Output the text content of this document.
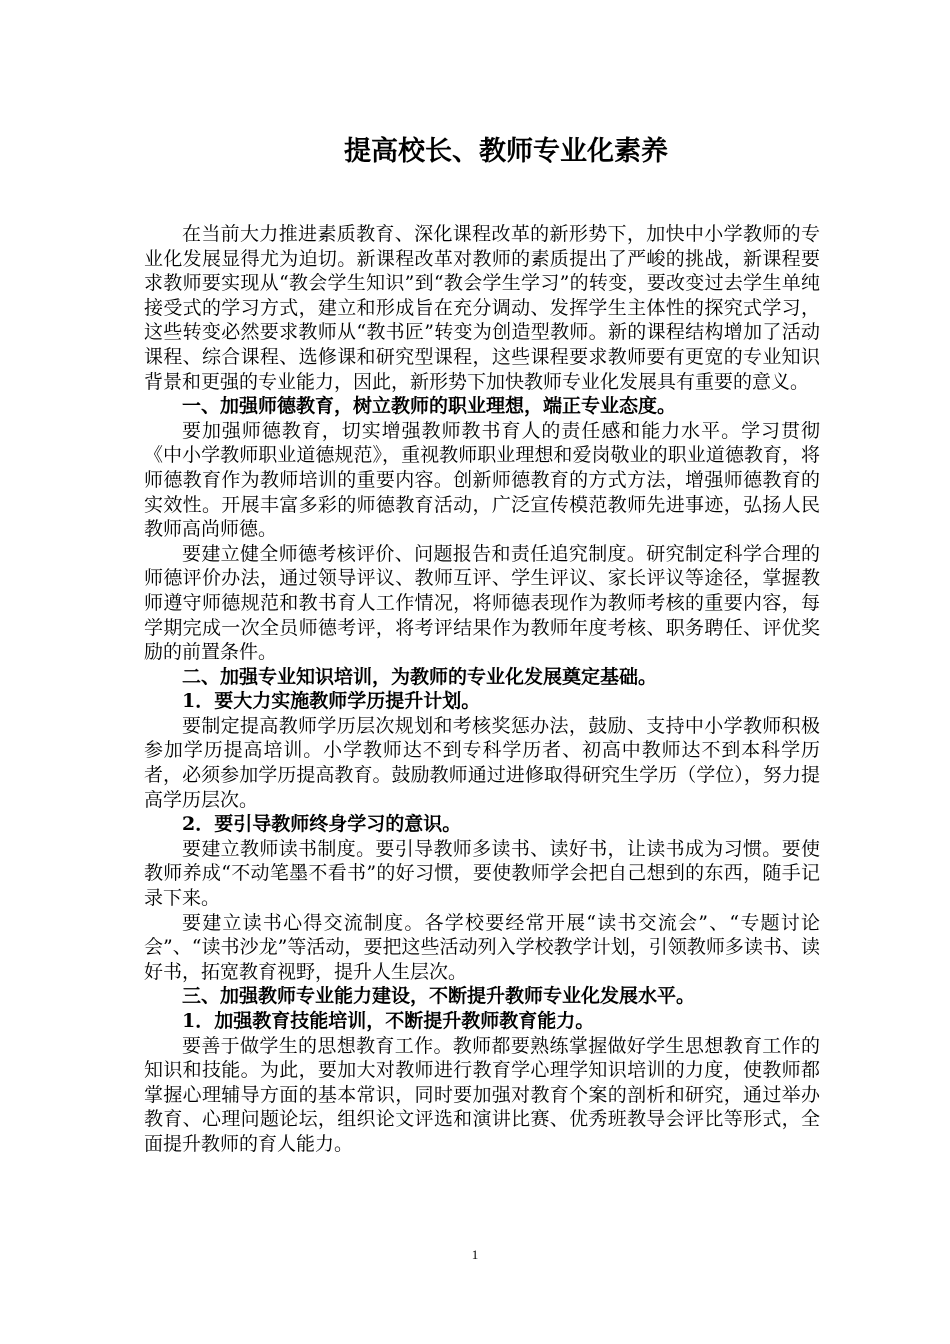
提高校长、教师专业化素养

在当前大力推进素质教育、深化课程改革的新形势下，加快中小学教师的专业化发展显得尤为迫切。新课程改革对教师的素质提出了严峻的挑战，新课程要求教师要实现从“教会学生知识”到“教会学生学习”的转变，要改变过去学生单纯接受式的学习方式，建立和形成旨在充分调动、发挥学生主体性的探究式学习，这些转变必然要求教师从“教书匠”转变为创造型教师。新的课程结构增加了活动课程、综合课程、选修课和研究型课程，这些课程要求教师要有更宽的专业知识背景和更强的专业能力，因此，新形势下加快教师专业化发展具有重要的意义。

一、加强师德教育，树立教师的职业理想，端正专业态度。

要加强师德教育，切实增强教师教书育人的责任感和能力水平。学习贯彻《中小学教师职业道德规范》，重视教师职业理想和爱岗敬业的职业道德教育，将师德教育作为教师培训的重要内容。创新师德教育的方式方法，增强师德教育的实效性。开展丰富多彩的师德教育活动，广泛宣传模范教师先进事迹，弘扬人民教师高尚师德。

要建立健全师德考核评价、问题报告和责任追究制度。研究制定科学合理的师德评价办法，通过领导评议、教师互评、学生评议、家长评议等途径，掌握教师遵守师德规范和教书育人工作情况，将师德表现作为教师考核的重要内容，每学期完成一次全员师德考评，将考评结果作为教师年度考核、职务聘任、评优奖励的前置条件。

二、加强专业知识培训，为教师的专业化发展奠定基础。

1．要大力实施教师学历提升计划。

要制定提高教师学历层次规划和考核奖惩办法，鼓励、支持中小学教师积极参加学历提高培训。小学教师达不到专科学历者、初高中教师达不到本科学历者，必须参加学历提高教育。鼓励教师通过进修取得研究生学历（学位），努力提高学历层次。

2．要引导教师终身学习的意识。

要建立教师读书制度。要引导教师多读书、读好书，让读书成为习惯。要使教师养成“不动笔墨不看书”的好习惯，要使教师学会把自己想到的东西，随手记录下来。

要建立读书心得交流制度。各学校要经常开展“读书交流会”、“专题讨论会”、“读书沙龙”等活动，要把这些活动列入学校教学计划，引领教师多读书、读好书，拓宽教育视野，提升人生层次。

三、加强教师专业能力建设，不断提升教师专业化发展水平。

1．加强教育技能培训，不断提升教师教育能力。

要善于做学生的思想教育工作。教师都要熟练掌握做好学生思想教育工作的知识和技能。为此，要加大对教师进行教育学心理学知识培训的力度，使教师都掌握心理辅导方面的基本常识，同时要加强对教育个案的剖析和研究，通过举办教育、心理问题论坛，组织论文评选和演讲比赛、优秀班教导会评比等形式，全面提升教师的育人能力。

1
